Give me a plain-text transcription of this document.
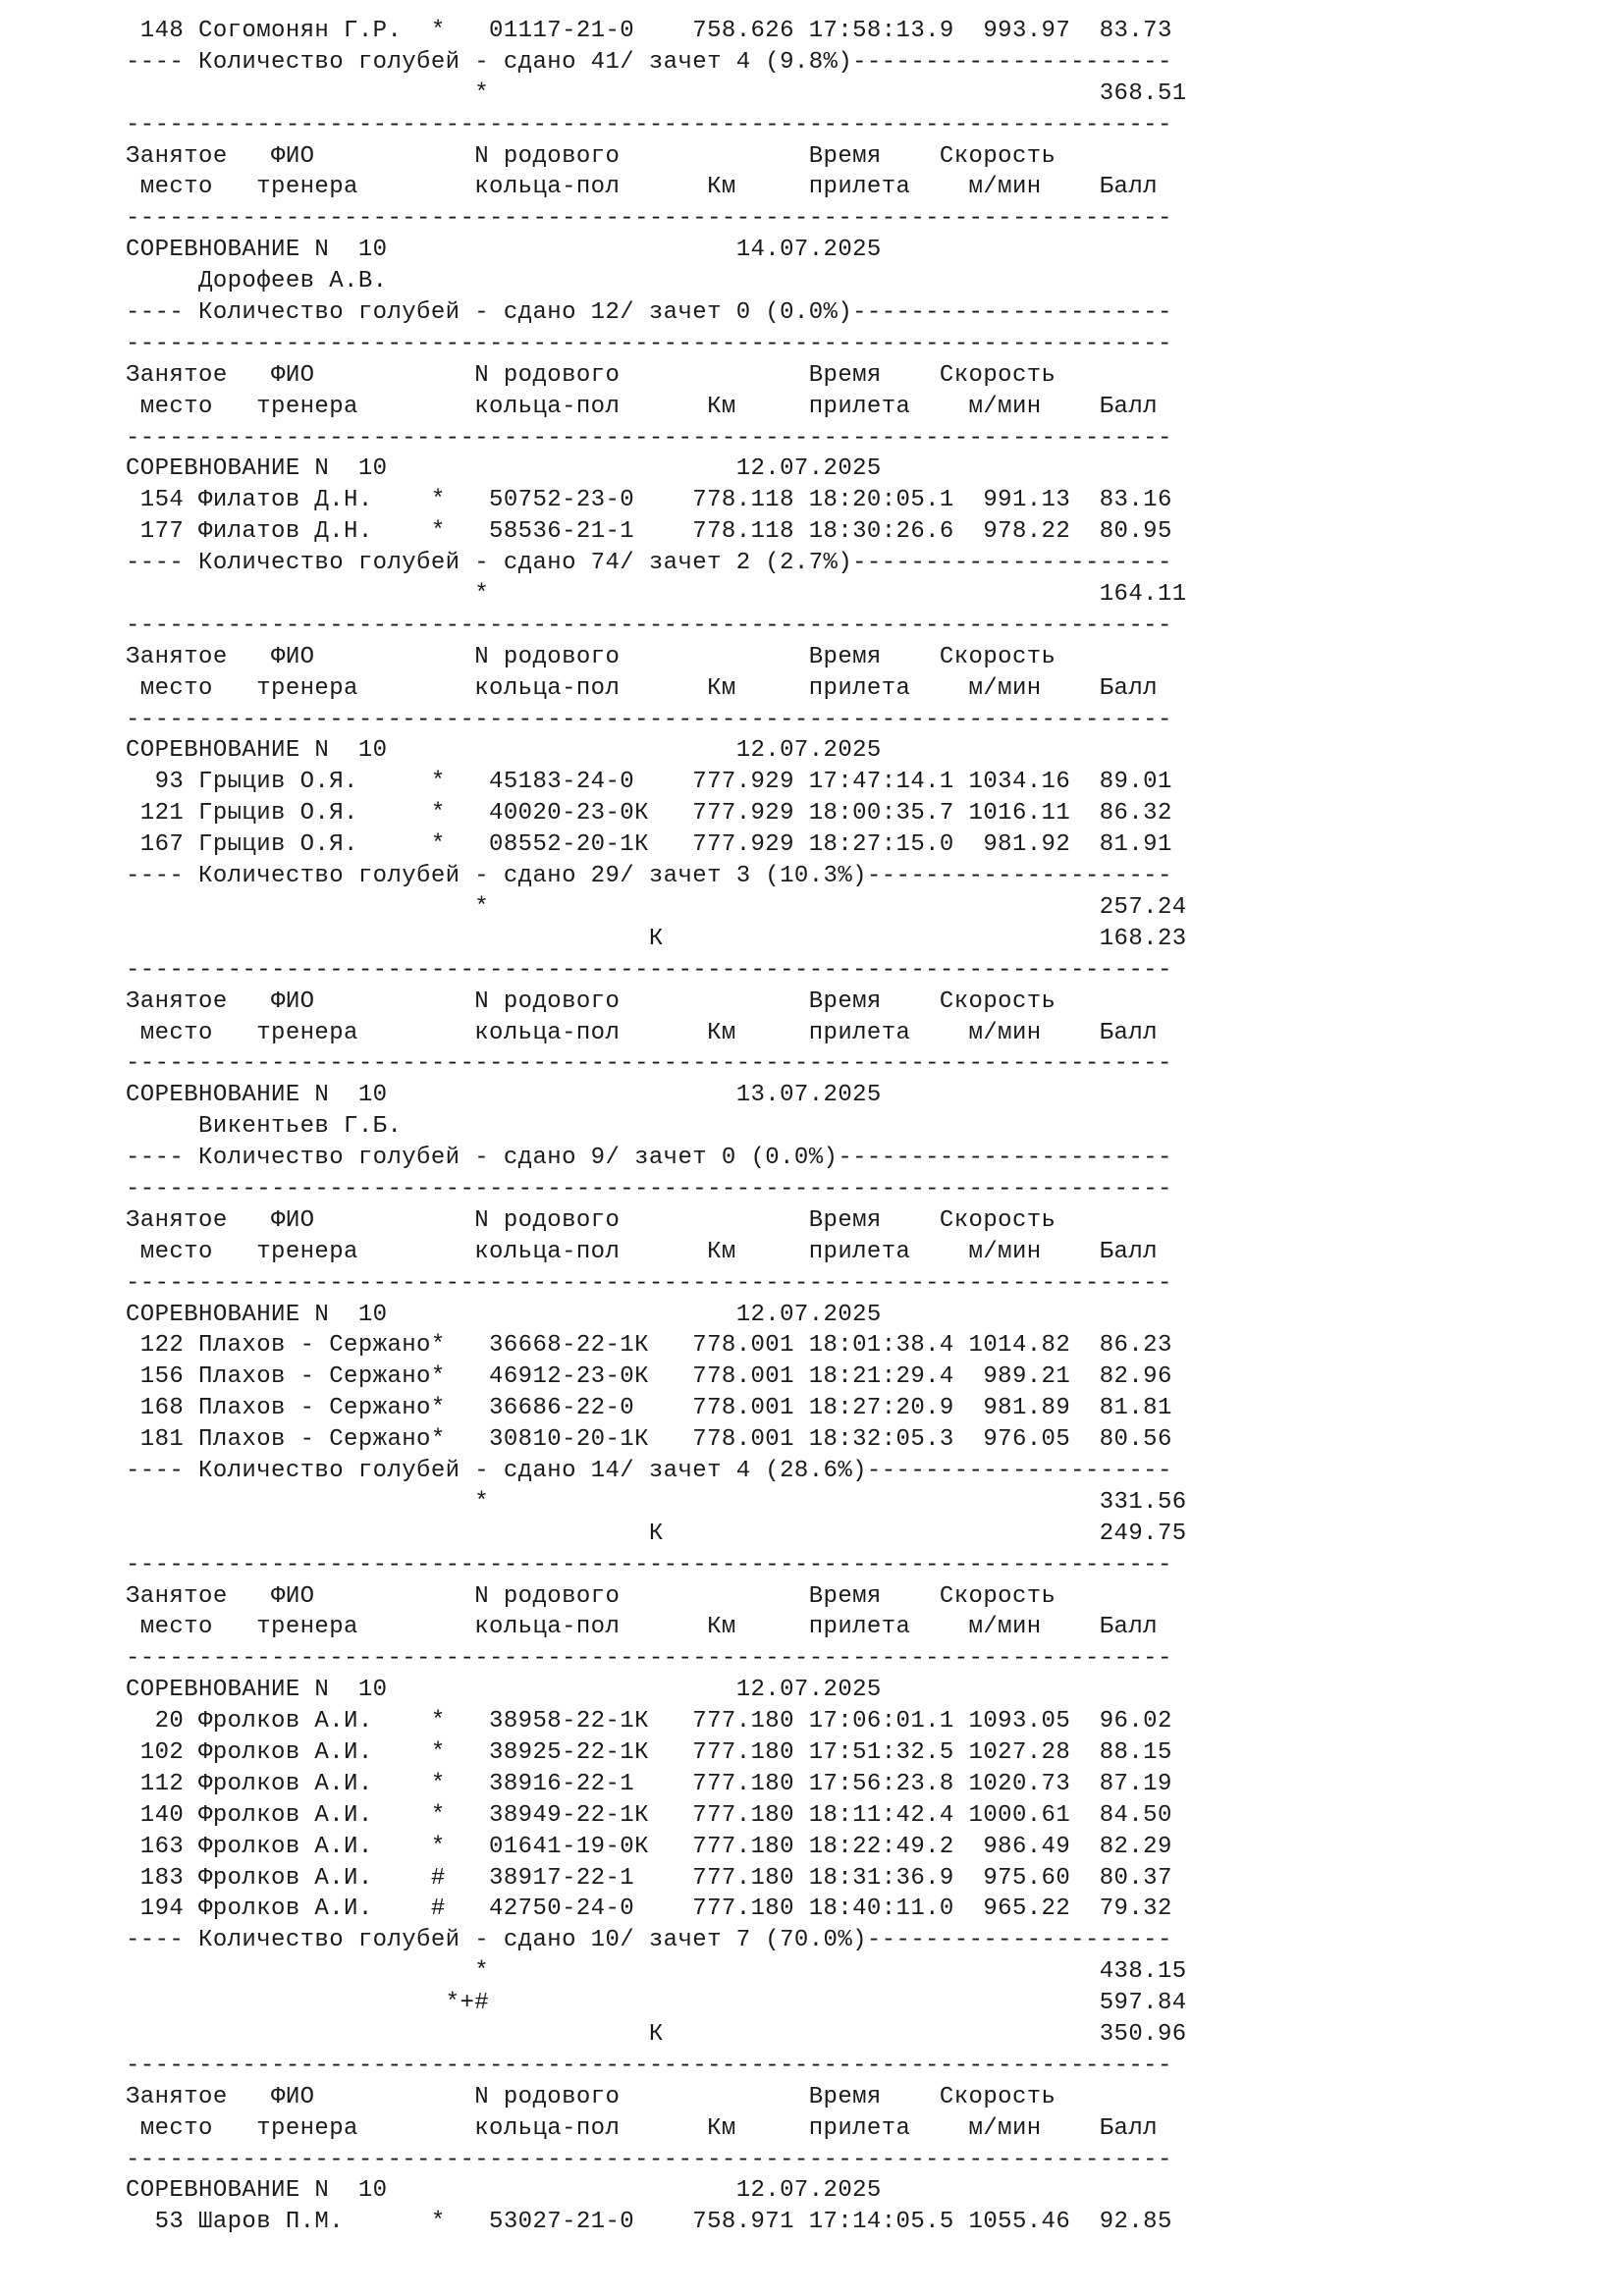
148 Согомонян Г.Р.  *   01117-21-0    758.626 17:58:13.9  993.97  83.73
---- Количество голубей - сдано 41/ зачет 4 (9.8%)----------------------
*                                          368.51
------------------------------------------------------------------------
Занятое   ФИО           N родового             Время    Скорость
место   тренера        кольца-пол      Км     прилета    м/мин    Балл
------------------------------------------------------------------------
СОРЕВНОВАНИЕ N  10                        14.07.2025
Дорофеев А.В.
---- Количество голубей - сдано 12/ зачет 0 (0.0%)----------------------
------------------------------------------------------------------------
Занятое   ФИО           N родового             Время    Скорость
место   тренера        кольца-пол      Км     прилета    м/мин    Балл
------------------------------------------------------------------------
СОРЕВНОВАНИЕ N  10                        12.07.2025
154 Филатов Д.Н.    *   50752-23-0    778.118 18:20:05.1  991.13  83.16
177 Филатов Д.Н.    *   58536-21-1    778.118 18:30:26.6  978.22  80.95
---- Количество голубей - сдано 74/ зачет 2 (2.7%)----------------------
*                                          164.11
------------------------------------------------------------------------
Занятое   ФИО           N родового             Время    Скорость
место   тренера        кольца-пол      Км     прилета    м/мин    Балл
------------------------------------------------------------------------
СОРЕВНОВАНИЕ N  10                        12.07.2025
93 Грыцив О.Я.     *   45183-24-0    777.929 17:47:14.1 1034.16  89.01
121 Грыцив О.Я.     *   40020-23-0К   777.929 18:00:35.7 1016.11  86.32
167 Грыцив О.Я.     *   08552-20-1К   777.929 18:27:15.0  981.92  81.91
---- Количество голубей - сдано 29/ зачет 3 (10.3%)---------------------
*                                          257.24
К                              168.23
------------------------------------------------------------------------
Занятое   ФИО           N родового             Время    Скорость
место   тренера        кольца-пол      Км     прилета    м/мин    Балл
------------------------------------------------------------------------
СОРЕВНОВАНИЕ N  10                        13.07.2025
Викентьев Г.Б.
---- Количество голубей - сдано 9/ зачет 0 (0.0%)-----------------------
------------------------------------------------------------------------
Занятое   ФИО           N родового             Время    Скорость
место   тренера        кольца-пол      Км     прилета    м/мин    Балл
------------------------------------------------------------------------
СОРЕВНОВАНИЕ N  10                        12.07.2025
122 Плахов - Сержано*   36668-22-1К   778.001 18:01:38.4 1014.82  86.23
156 Плахов - Сержано*   46912-23-0К   778.001 18:21:29.4  989.21  82.96
168 Плахов - Сержано*   36686-22-0    778.001 18:27:20.9  981.89  81.81
181 Плахов - Сержано*   30810-20-1К   778.001 18:32:05.3  976.05  80.56
---- Количество голубей - сдано 14/ зачет 4 (28.6%)---------------------
*                                          331.56
К                              249.75
------------------------------------------------------------------------
Занятое   ФИО           N родового             Время    Скорость
место   тренера        кольца-пол      Км     прилета    м/мин    Балл
------------------------------------------------------------------------
СОРЕВНОВАНИЕ N  10                        12.07.2025
20 Фролков А.И.    *   38958-22-1К   777.180 17:06:01.1 1093.05  96.02
102 Фролков А.И.    *   38925-22-1К   777.180 17:51:32.5 1027.28  88.15
112 Фролков А.И.    *   38916-22-1    777.180 17:56:23.8 1020.73  87.19
140 Фролков А.И.    *   38949-22-1К   777.180 18:11:42.4 1000.61  84.50
163 Фролков А.И.    *   01641-19-0К   777.180 18:22:49.2  986.49  82.29
183 Фролков А.И.    #   38917-22-1    777.180 18:31:36.9  975.60  80.37
194 Фролков А.И.    #   42750-24-0    777.180 18:40:11.0  965.22  79.32
---- Количество голубей - сдано 10/ зачет 7 (70.0%)---------------------
*                                          438.15
*+#                                          597.84
К                              350.96
------------------------------------------------------------------------
Занятое   ФИО           N родового             Время    Скорость
место   тренера        кольца-пол      Км     прилета    м/мин    Балл
------------------------------------------------------------------------
СОРЕВНОВАНИЕ N  10                        12.07.2025
53 Шаров П.М.      *   53027-21-0    758.971 17:14:05.5 1055.46  92.85
